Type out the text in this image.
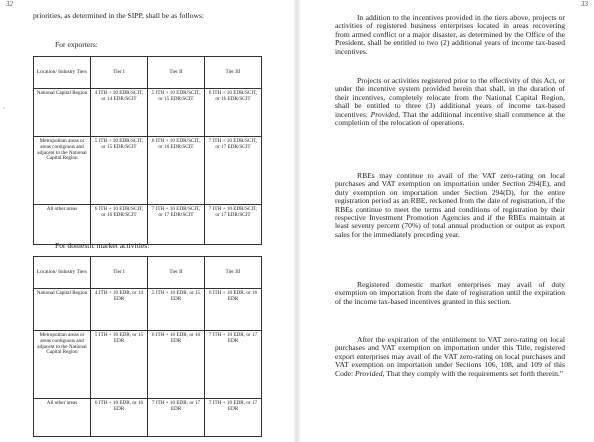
32
’

priorities, as determined in the SIPP, shall be as follows:

For exporters:
Location/ Industry Tiers	Tier I	Tier II	Tier III
National Capital Region	4 ITH + 10 EDR/SCIT, or 14 EDR/SCIT	5 ITH + 10 EDR/SCIT, or 15 EDR/SCIT	6 ITH + 10 EDR/SCIT, or 16 EDR/SCIT
Metropolitan areas or areas contiguous and adjacent to the National Capital Region	5 ITH + 10 EDR/SCIT, or 15 EDR/SCIT	6 ITH + 10 EDR/SCIT, or 16 EDR/SCIT	7 ITH + 10 EDR/SCIT, or 17 EDR/SCIT
All other areas	6 ITH + 10 EDR/SCIT, or 16 EDR/SCIT	7 ITH + 10 EDR/SCIT, or 17 EDR/SCIT	7 ITH + 10 EDR/SCIT, or 17 EDR/SCIT
For domestic market activities:
Location/ Industry Tiers	Tier I	Tier II	Tier III
National Capital Region	4 ITH + 10 EDR, or 14 EDR	5 ITH + 10 EDR, or 15 EDR	6 ITH + 10 EDR, or 16 EDR
Metropolitan areas or areas contiguous and adjacent to the National Capital Region	5 ITH + 10 EDR, or 15 EDR	6 ITH + 10 EDR, or 16 EDR	7 ITH + 10 EDR, or 17 EDR
All other areas	6 ITH + 10 EDR, or 16 EDR	7 ITH + 10 EDR, or 17 EDR	7 ITH + 10 EDR, or 17 EDR
33

In addition to the incentives provided in the tiers above, projects or activities of registered business enterprises located in areas recovering from armed conflict or a major disaster, as determined by the Office of the President, shall be entitled to two (2) additional years of income tax-based incentives.

Projects or activities registered prior to the effectivity of this Act, or under the incentive system provided herein that shall, in the duration of their incentives, completely relocate from the National Capital Region, shall be entitled to three (3) additional years of income tax-based incentives: Provided, That the additional incentive shall commence at the completion of the relocation of operations.

RBEs may continue to avail of the VAT zero-rating on local purchases and VAT exemption on importation under Section 294(E), and duty exemption on importation under Section 294(D), for the entire registration period as an RBE, reckoned from the date of registration, if the RBEs continue to meet the terms and conditions of registration by their respective Investment Promotion Agencies and if the RBEs maintain at least seventy percent (70%) of total annual production or output as export sales for the immediately preceding year.

Registered domestic market enterprises may avail of duty exemption on importation from the date of registration until the expiration of the income tax-based incentives granted in this section.

After the expiration of the entitlement to VAT zero-rating on local purchases and VAT exemption on importation under this Title, registered export enterprises may avail of the VAT zero-rating on local purchases and VAT exemption on importation under Sections 106, 108, and 109 of this Code: Provided, That they comply with the requirements set forth therein."
